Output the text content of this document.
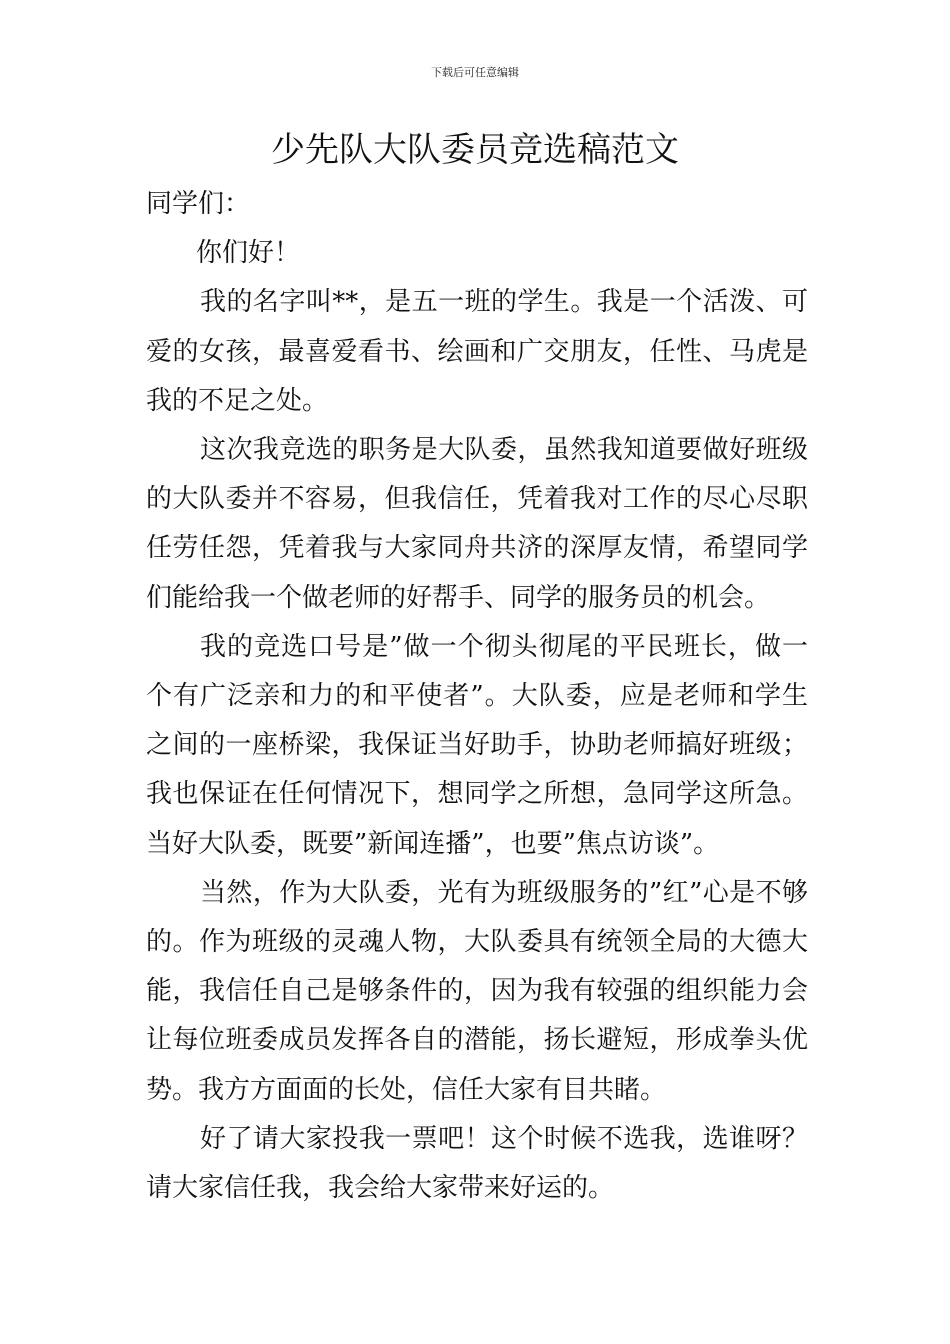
下载后可任意编辑
少先队大队委员竞选稿范文

同学们：

你们好！

我的名字叫**，是五一班的学生。我是一个活泼、可爱的女孩，最喜爱看书、绘画和广交朋友，任性、马虎是我的不足之处。

这次我竞选的职务是大队委，虽然我知道要做好班级的大队委并不容易，但我信任，凭着我对工作的尽心尽职任劳任怨，凭着我与大家同舟共济的深厚友情，希望同学们能给我一个做老师的好帮手、同学的服务员的机会。

我的竞选口号是”做一个彻头彻尾的平民班长，做一个有广泛亲和力的和平使者”。大队委，应是老师和学生之间的一座桥梁，我保证当好助手，协助老师搞好班级；我也保证在任何情况下，想同学之所想，急同学这所急。当好大队委，既要”新闻连播”，也要”焦点访谈”。

当然，作为大队委，光有为班级服务的”红”心是不够的。作为班级的灵魂人物，大队委具有统领全局的大德大能，我信任自己是够条件的，因为我有较强的组织能力会让每位班委成员发挥各自的潜能，扬长避短，形成拳头优势。我方方面面的长处，信任大家有目共睹。

好了请大家投我一票吧！这个时候不选我，选谁呀？请大家信任我，我会给大家带来好运的。
